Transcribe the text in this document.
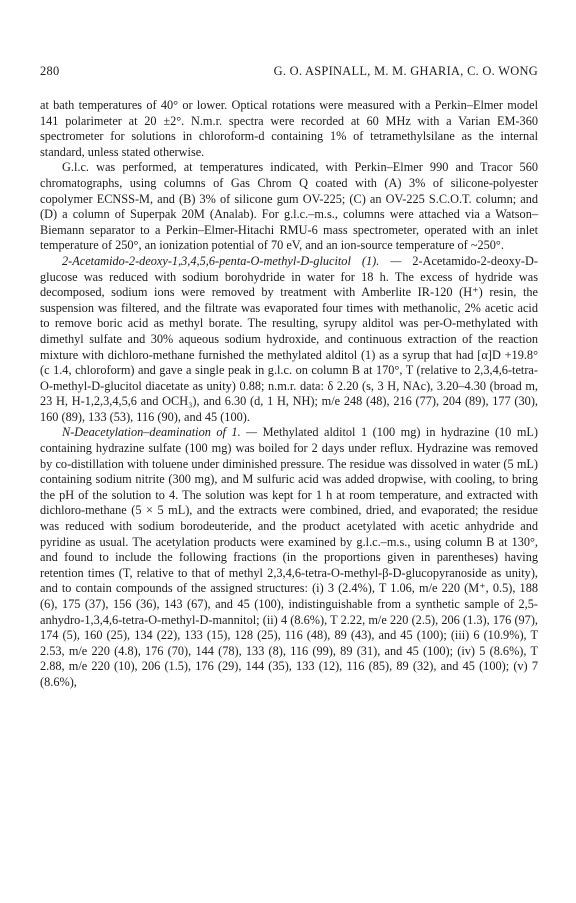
280	G. O. ASPINALL, M. M. GHARIA, C. O. WONG

at bath temperatures of 40° or lower. Optical rotations were measured with a Perkin–Elmer model 141 polarimeter at 20 ±2°. N.m.r. spectra were recorded at 60 MHz with a Varian EM-360 spectrometer for solutions in chloroform-d containing 1% of tetramethylsilane as the internal standard, unless stated otherwise.

G.l.c. was performed, at temperatures indicated, with Perkin–Elmer 990 and Tracor 560 chromatographs, using columns of Gas Chrom Q coated with (A) 3% of silicone-polyester copolymer ECNSS-M, and (B) 3% of silicone gum OV-225; (C) an OV-225 S.C.O.T. column; and (D) a column of Superpak 20M (Analab). For g.l.c.–m.s., columns were attached via a Watson–Biemann separator to a Perkin–Elmer-Hitachi RMU-6 mass spectrometer, operated with an inlet temperature of 250°, an ionization potential of 70 eV, and an ion-source temperature of ~250°.

2-Acetamido-2-deoxy-1,3,4,5,6-penta-O-methyl-D-glucitol (1). — 2-Acetamido-2-deoxy-D-glucose was reduced with sodium borohydride in water for 18 h. The excess of hydride was decomposed, sodium ions were removed by treatment with Amberlite IR-120 (H⁺) resin, the suspension was filtered, and the filtrate was evaporated four times with methanolic, 2% acetic acid to remove boric acid as methyl borate. The resulting, syrupy alditol was per-O-methylated with dimethyl sulfate and 30% aqueous sodium hydroxide, and continuous extraction of the reaction mixture with dichloro-methane furnished the methylated alditol (1) as a syrup that had [α]D +19.8° (c 1.4, chloroform) and gave a single peak in g.l.c. on column B at 170°, T (relative to 2,3,4,6-tetra-O-methyl-D-glucitol diacetate as unity) 0.88; n.m.r. data: δ 2.20 (s, 3 H, NAc), 3.20–4.30 (broad m, 23 H, H-1,2,3,4,5,6 and OCH₃), and 6.30 (d, 1 H, NH); m/e 248 (48), 216 (77), 204 (89), 177 (30), 160 (89), 133 (53), 116 (90), and 45 (100).

N-Deacetylation–deamination of 1. — Methylated alditol 1 (100 mg) in hydrazine (10 mL) containing hydrazine sulfate (100 mg) was boiled for 2 days under reflux. Hydrazine was removed by co-distillation with toluene under diminished pressure. The residue was dissolved in water (5 mL) containing sodium nitrite (300 mg), and M sulfuric acid was added dropwise, with cooling, to bring the pH of the solution to 4. The solution was kept for 1 h at room temperature, and extracted with dichloro-methane (5 × 5 mL), and the extracts were combined, dried, and evaporated; the residue was reduced with sodium borodeuteride, and the product acetylated with acetic anhydride and pyridine as usual. The acetylation products were examined by g.l.c.–m.s., using column B at 130°, and found to include the following fractions (in the proportions given in parentheses) having retention times (T, relative to that of methyl 2,3,4,6-tetra-O-methyl-β-D-glucopyranoside as unity), and to contain compounds of the assigned structures: (i) 3 (2.4%), T 1.06, m/e 220 (M⁺, 0.5), 188 (6), 175 (37), 156 (36), 143 (67), and 45 (100), indistinguishable from a synthetic sample of 2,5-anhydro-1,3,4,6-tetra-O-methyl-D-mannitol; (ii) 4 (8.6%), T 2.22, m/e 220 (2.5), 206 (1.3), 176 (97), 174 (5), 160 (25), 134 (22), 133 (15), 128 (25), 116 (48), 89 (43), and 45 (100); (iii) 6 (10.9%), T 2.53, m/e 220 (4.8), 176 (70), 144 (78), 133 (8), 116 (99), 89 (31), and 45 (100); (iv) 5 (8.6%), T 2.88, m/e 220 (10), 206 (1.5), 176 (29), 144 (35), 133 (12), 116 (85), 89 (32), and 45 (100); (v) 7 (8.6%),
